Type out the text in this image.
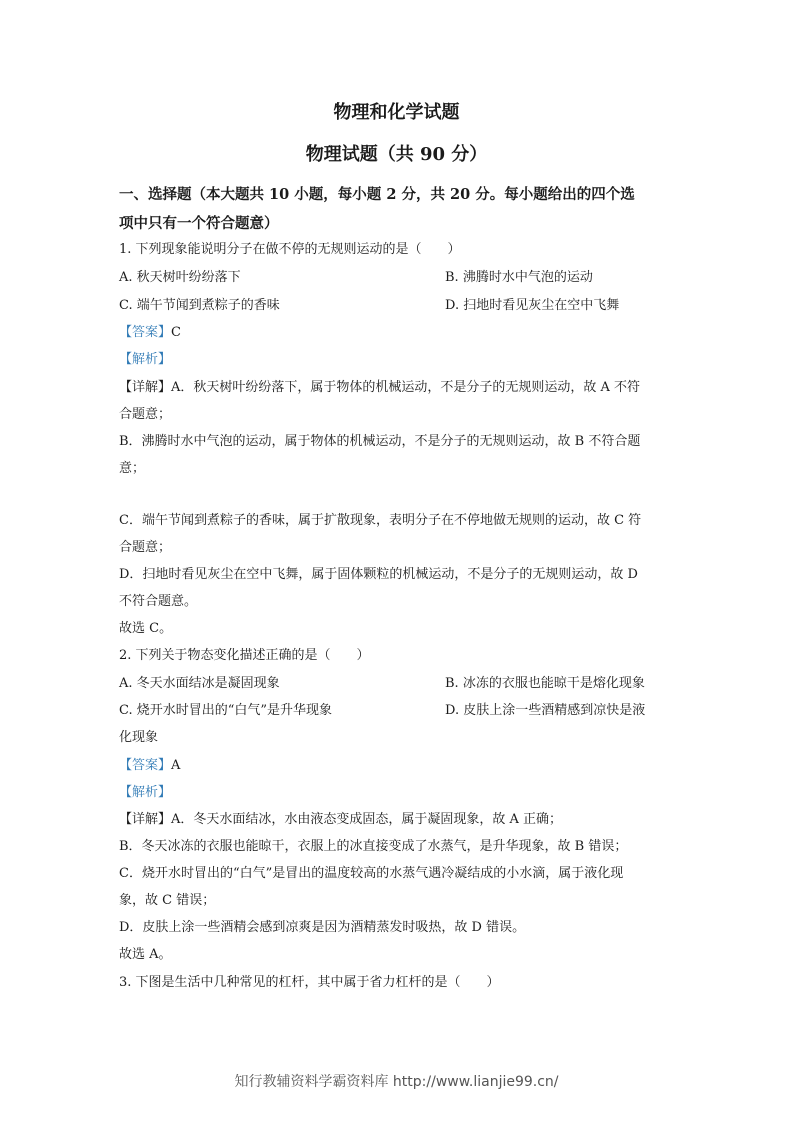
物理和化学试题
物理试题（共 90 分）
一、选择题（本大题共 10 小题，每小题 2 分，共 20 分。每小题给出的四个选
项中只有一个符合题意）
1. 下列现象能说明分子在做不停的无规则运动的是（　　）
A. 秋天树叶纷纷落下	B. 沸腾时水中气泡的运动
C. 端午节闻到煮粽子的香味	D. 扫地时看见灰尘在空中飞舞
【答案】C
【解析】
【详解】A．秋天树叶纷纷落下，属于物体的机械运动，不是分子的无规则运动，故 A 不符
合题意；
B．沸腾时水中气泡的运动，属于物体的机械运动，不是分子的无规则运动，故 B 不符合题
意；
C．端午节闻到煮粽子的香味，属于扩散现象，表明分子在不停地做无规则的运动，故 C 符
合题意；
D．扫地时看见灰尘在空中飞舞，属于固体颗粒的机械运动，不是分子的无规则运动，故 D
不符合题意。
故选 C。
2. 下列关于物态变化描述正确的是（　　）
A. 冬天水面结冰是凝固现象	B. 冰冻的衣服也能晾干是熔化现象
C. 烧开水时冒出的“白气”是升华现象	D. 皮肤上涂一些酒精感到凉快是液
化现象
【答案】A
【解析】
【详解】A．冬天水面结冰，水由液态变成固态，属于凝固现象，故 A 正确；
B．冬天冰冻的衣服也能晾干，衣服上的冰直接变成了水蒸气，是升华现象，故 B 错误；
C．烧开水时冒出的“白气”是冒出的温度较高的水蒸气遇冷凝结成的小水滴，属于液化现
象，故 C 错误；
D．皮肤上涂一些酒精会感到凉爽是因为酒精蒸发时吸热，故 D 错误。
故选 A。
3. 下图是生活中几种常见的杠杆，其中属于省力杠杆的是（　　）
知行教辅资料学霸资料库 http://www.lianjie99.cn/
